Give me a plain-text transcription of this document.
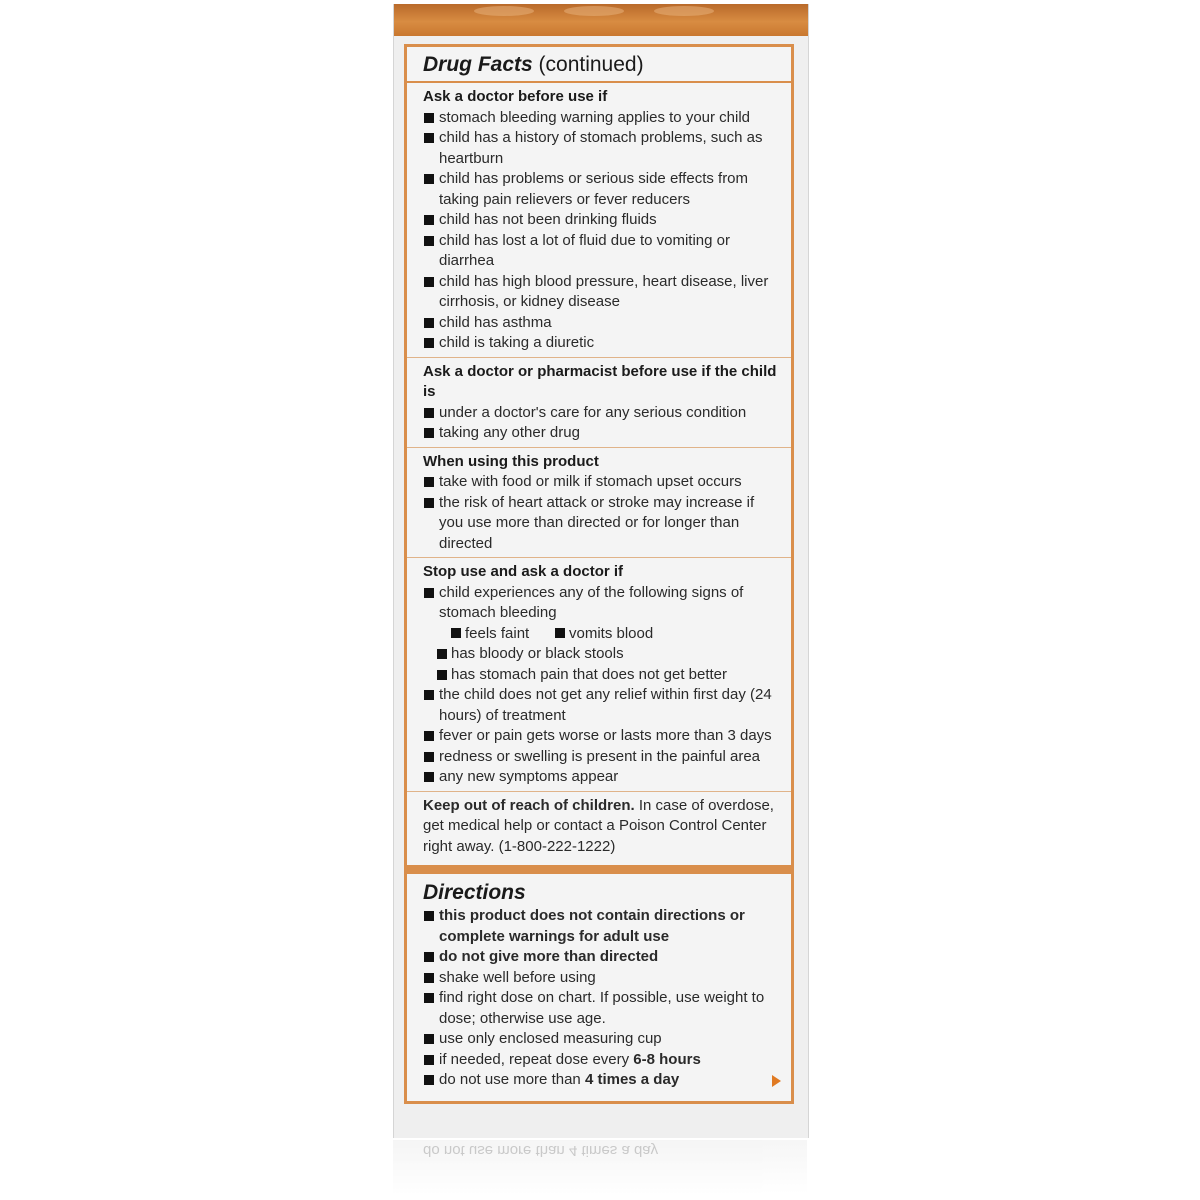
Drug Facts (continued)
Ask a doctor before use if
stomach bleeding warning applies to your child
child has a history of stomach problems, such as heartburn
child has problems or serious side effects from taking pain relievers or fever reducers
child has not been drinking fluids
child has lost a lot of fluid due to vomiting or diarrhea
child has high blood pressure, heart disease, liver cirrhosis, or kidney disease
child has asthma
child is taking a diuretic
Ask a doctor or pharmacist before use if the child is
under a doctor's care for any serious condition
taking any other drug
When using this product
take with food or milk if stomach upset occurs
the risk of heart attack or stroke may increase if you use more than directed or for longer than directed
Stop use and ask a doctor if
child experiences any of the following signs of stomach bleeding
feels faint	vomits blood
has bloody or black stools
has stomach pain that does not get better
the child does not get any relief within first day (24 hours) of treatment
fever or pain gets worse or lasts more than 3 days
redness or swelling is present in the painful area
any new symptoms appear
Keep out of reach of children. In case of overdose, get medical help or contact a Poison Control Center right away. (1-800-222-1222)
Directions
this product does not contain directions or complete warnings for adult use
do not give more than directed
shake well before using
find right dose on chart. If possible, use weight to dose; otherwise use age.
use only enclosed measuring cup
if needed, repeat dose every 6-8 hours
do not use more than 4 times a day
do not use more than 4 times a day
